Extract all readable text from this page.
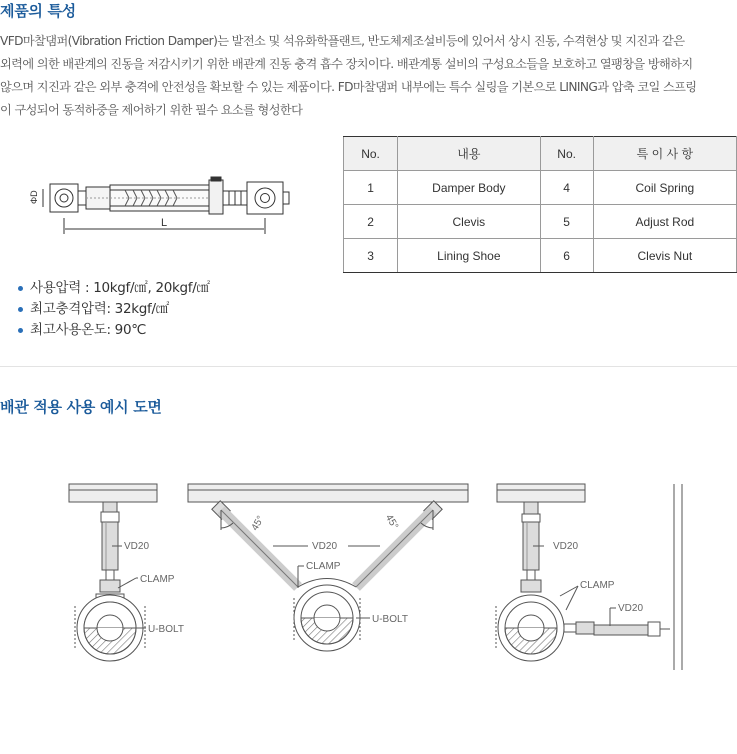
제품의 특성
VFD마찰댐퍼(Vibration Friction Damper)는 발전소 및 석유화학플랜트, 반도체제조설비등에 있어서 상시 진동, 수격현상 및 지진과 같은
외력에 의한 배관계의 진동을 저감시키기 위한 배관계 진동 충격 흡수 장치이다. 배관계통 설비의 구성요소들을 보호하고 열팽창을 방해하지
않으며 지진과 같은 외부 충격에 안전성을 확보할 수 있는 제품이다. FD마찰댐퍼 내부에는 특수 실링을 기본으로 LINING과 압축 코일 스프링
이 구성되어 동적하중을 제어하기 위한 필수 요소를 형성한다
ΦD
L
No.	내용	No.	특 이 사 항
1	Damper Body	4	Coil Spring
2	Clevis	5	Adjust Rod
3	Lining Shoe	6	Clevis Nut
사용압력 : 10kgf/㎠, 20kgf/㎠
최고충격압력: 32kgf/㎠
최고사용온도: 90℃
배관 적용 사용 예시 도면
VD20
CLAMP
U-BOLT
VD20
CLAMP
U-BOLT
45°	45°
VD20
CLAMP
VD20
